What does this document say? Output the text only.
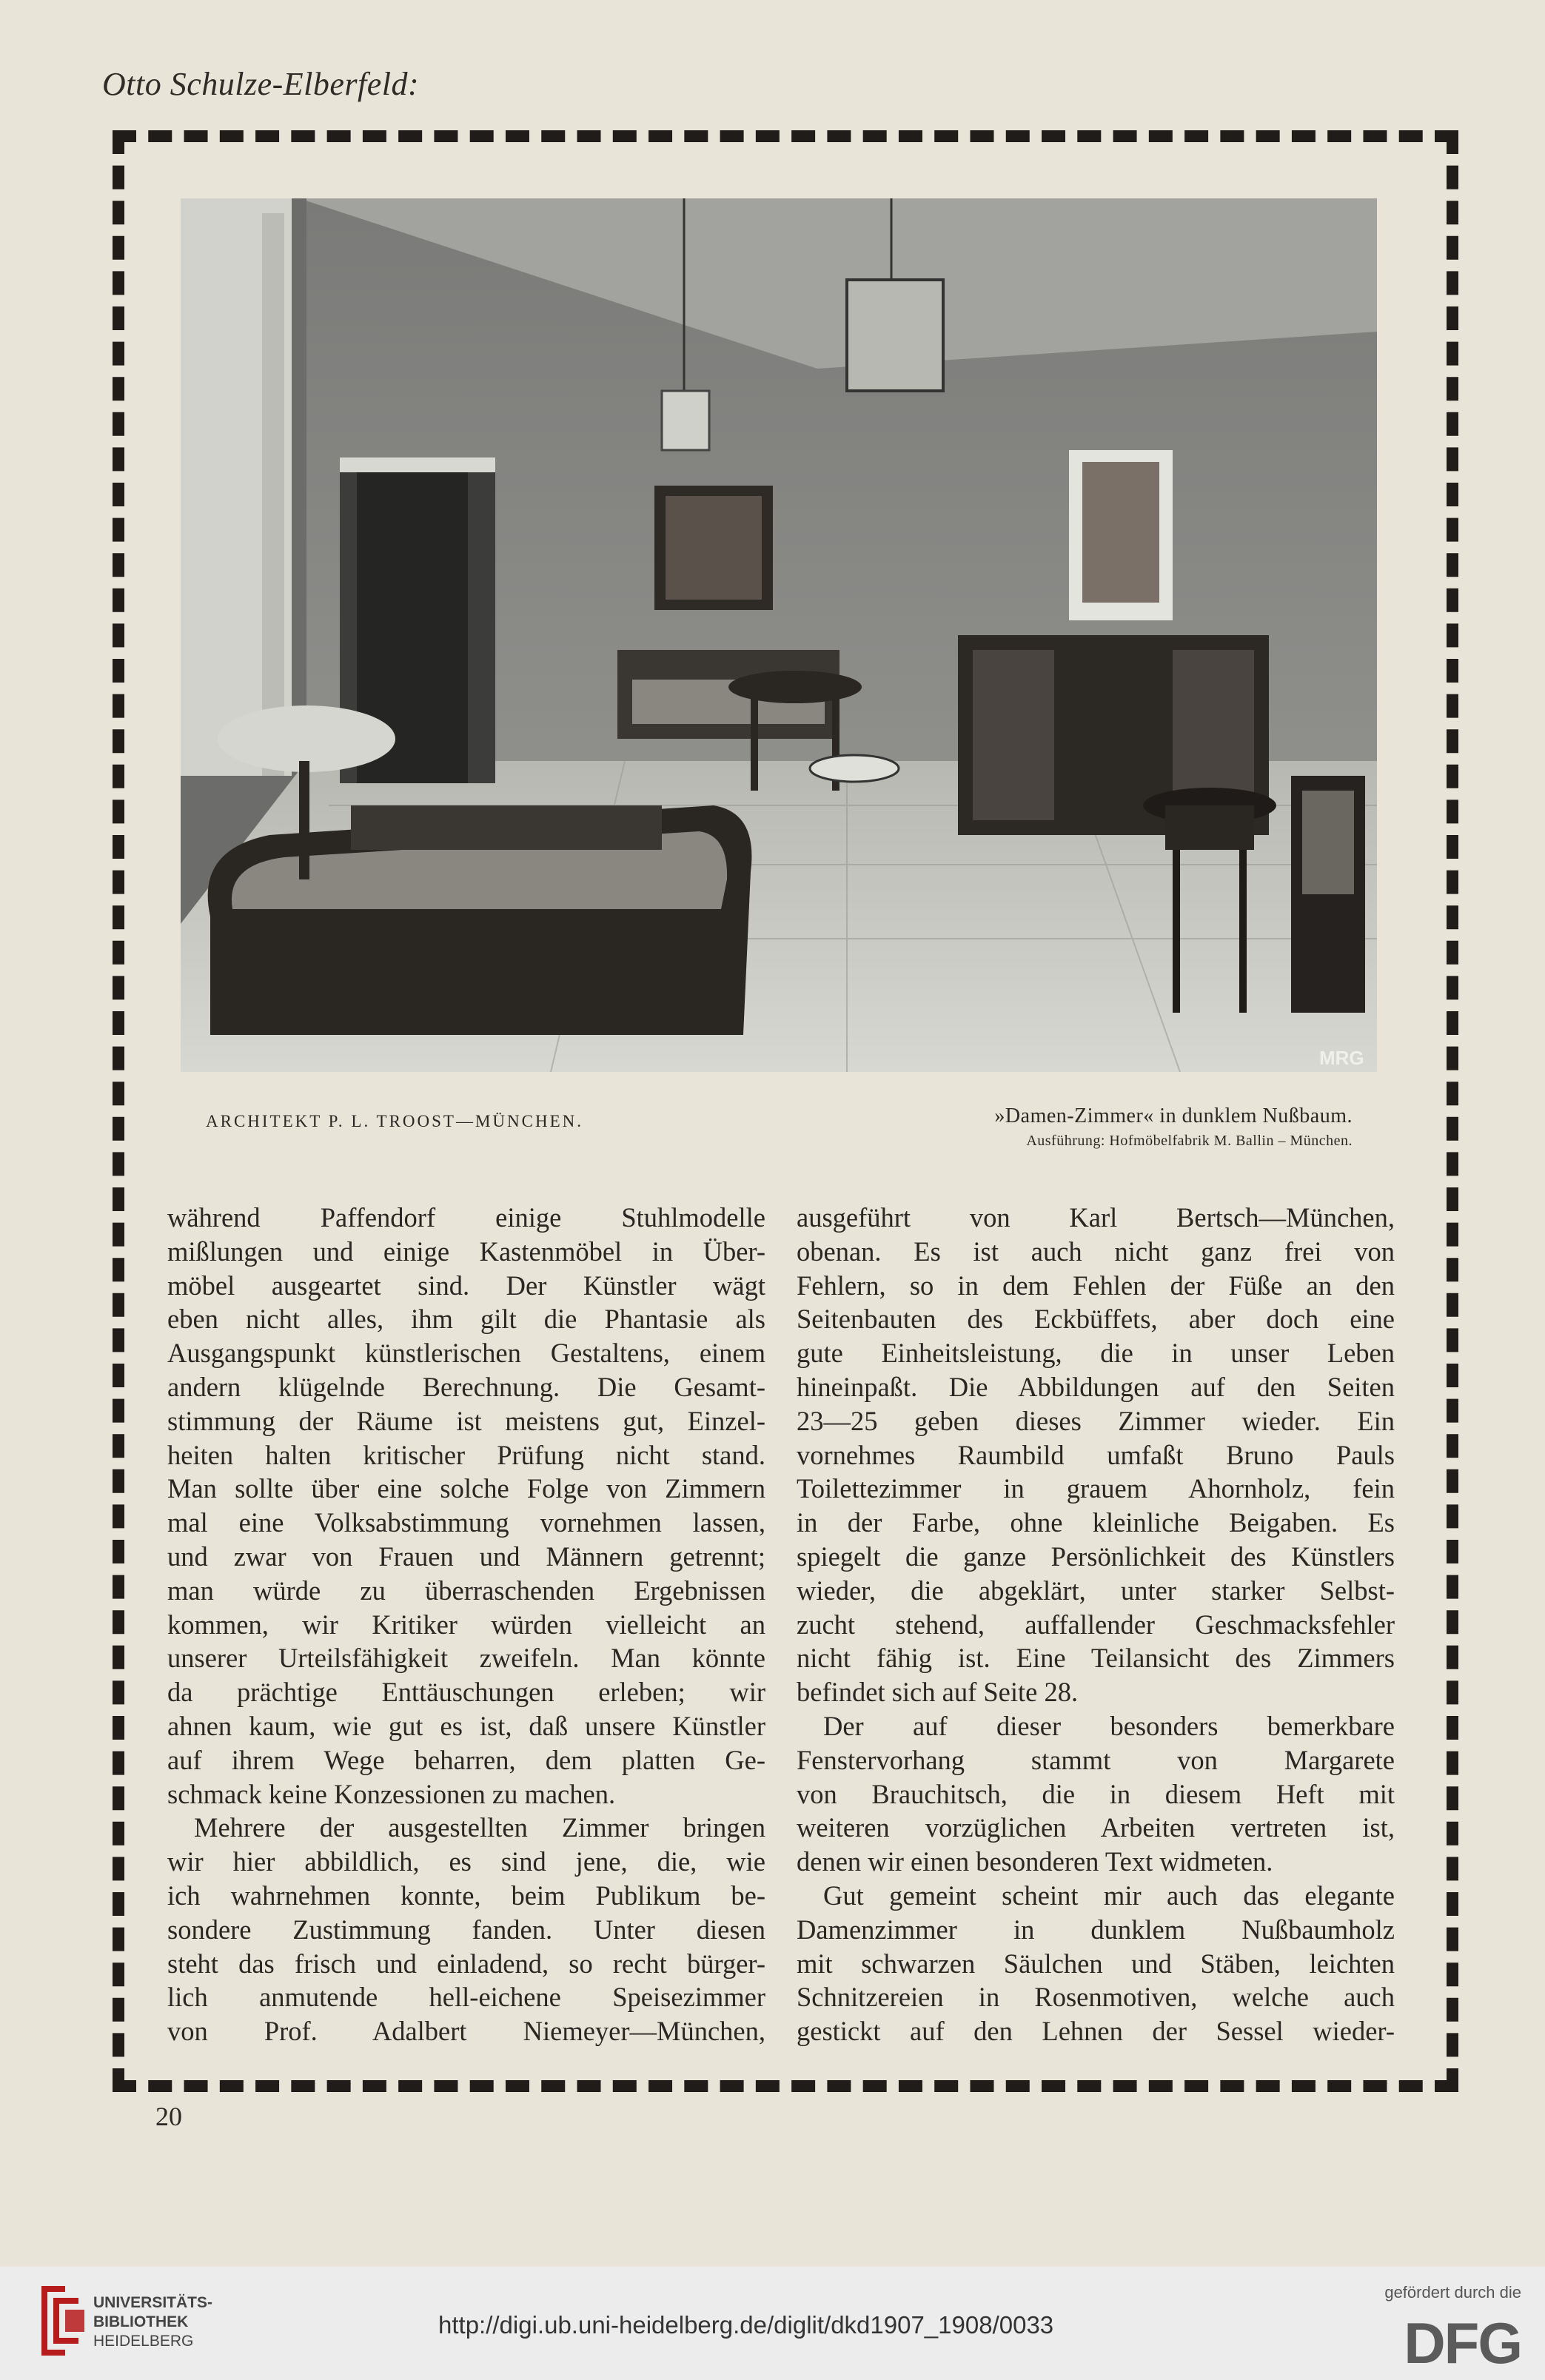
Otto Schulze-Elberfeld:
MRG
ARCHITEKT P. L. TROOST—MÜNCHEN.	»Damen-Zimmer« in dunklem Nußbaum.
Ausführung: Hofmöbelfabrik M. Ballin – München.
während Paffendorf einige Stuhlmodelle
mißlungen und einige Kastenmöbel in Über-
möbel ausgeartet sind. Der Künstler wägt
eben nicht alles, ihm gilt die Phantasie als
Ausgangspunkt künstlerischen Gestaltens, einem
andern klügelnde Berechnung. Die Gesamt-
stimmung der Räume ist meistens gut, Einzel-
heiten halten kritischer Prüfung nicht stand.
Man sollte über eine solche Folge von Zimmern
mal eine Volksabstimmung vornehmen lassen,
und zwar von Frauen und Männern getrennt;
man würde zu überraschenden Ergebnissen
kommen, wir Kritiker würden vielleicht an
unserer Urteilsfähigkeit zweifeln. Man könnte
da prächtige Enttäuschungen erleben; wir
ahnen kaum, wie gut es ist, daß unsere Künstler
auf ihrem Wege beharren, dem platten Ge-
schmack keine Konzessionen zu machen.
Mehrere der ausgestellten Zimmer bringen
wir hier abbildlich, es sind jene, die, wie
ich wahrnehmen konnte, beim Publikum be-
sondere Zustimmung fanden. Unter diesen
steht das frisch und einladend, so recht bürger-
lich anmutende hell-eichene Speisezimmer
von Prof. Adalbert Niemeyer—München,
ausgeführt von Karl Bertsch—München,
obenan. Es ist auch nicht ganz frei von
Fehlern, so in dem Fehlen der Füße an den
Seitenbauten des Eckbüffets, aber doch eine
gute Einheitsleistung, die in unser Leben
hineinpaßt. Die Abbildungen auf den Seiten
23—25 geben dieses Zimmer wieder. Ein
vornehmes Raumbild umfaßt Bruno Pauls
Toilettezimmer in grauem Ahornholz, fein
in der Farbe, ohne kleinliche Beigaben. Es
spiegelt die ganze Persönlichkeit des Künstlers
wieder, die abgeklärt, unter starker Selbst-
zucht stehend, auffallender Geschmacksfehler
nicht fähig ist. Eine Teilansicht des Zimmers
befindet sich auf Seite 28.
Der auf dieser besonders bemerkbare
Fenstervorhang stammt von Margarete
von Brauchitsch, die in diesem Heft mit
weiteren vorzüglichen Arbeiten vertreten ist,
denen wir einen besonderen Text widmeten.
Gut gemeint scheint mir auch das elegante
Damenzimmer in dunklem Nußbaumholz
mit schwarzen Säulchen und Stäben, leichten
Schnitzereien in Rosenmotiven, welche auch
gestickt auf den Lehnen der Sessel wieder-
20
UNIVERSITÄTS-
BIBLIOTHEK
HEIDELBERG
http://digi.ub.uni-heidelberg.de/diglit/dkd1907_1908/0033
gefördert durch die
DFG
